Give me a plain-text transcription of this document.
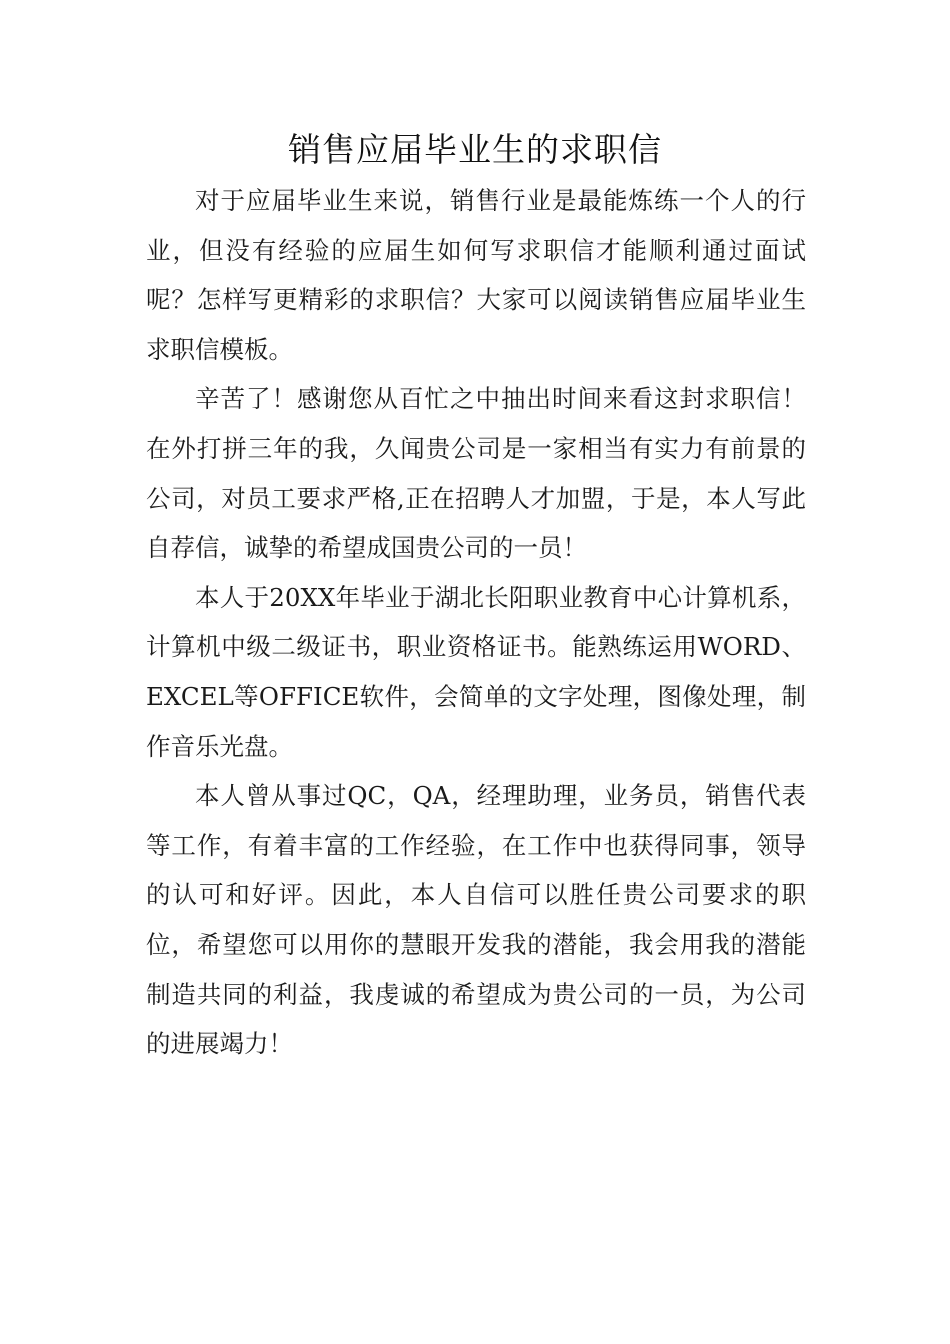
销售应届毕业生的求职信

对于应届毕业生来说，销售行业是最能炼练一个人的行业，但没有经验的应届生如何写求职信才能顺利通过面试呢？怎样写更精彩的求职信？大家可以阅读销售应届毕业生求职信模板。

辛苦了！感谢您从百忙之中抽出时间来看这封求职信！在外打拼三年的我，久闻贵公司是一家相当有实力有前景的公司，对员工要求严格,正在招聘人才加盟，于是，本人写此自荐信，诚挚的希望成国贵公司的一员！

本人于20XX年毕业于湖北长阳职业教育中心计算机系，计算机中级二级证书，职业资格证书。能熟练运用WORD、EXCEL等OFFICE软件，会简单的文字处理，图像处理，制作音乐光盘。

本人曾从事过QC，QA，经理助理，业务员，销售代表等工作，有着丰富的工作经验，在工作中也获得同事，领导的认可和好评。因此，本人自信可以胜任贵公司要求的职位，希望您可以用你的慧眼开发我的潜能，我会用我的潜能制造共同的利益，我虔诚的希望成为贵公司的一员，为公司的进展竭力！
